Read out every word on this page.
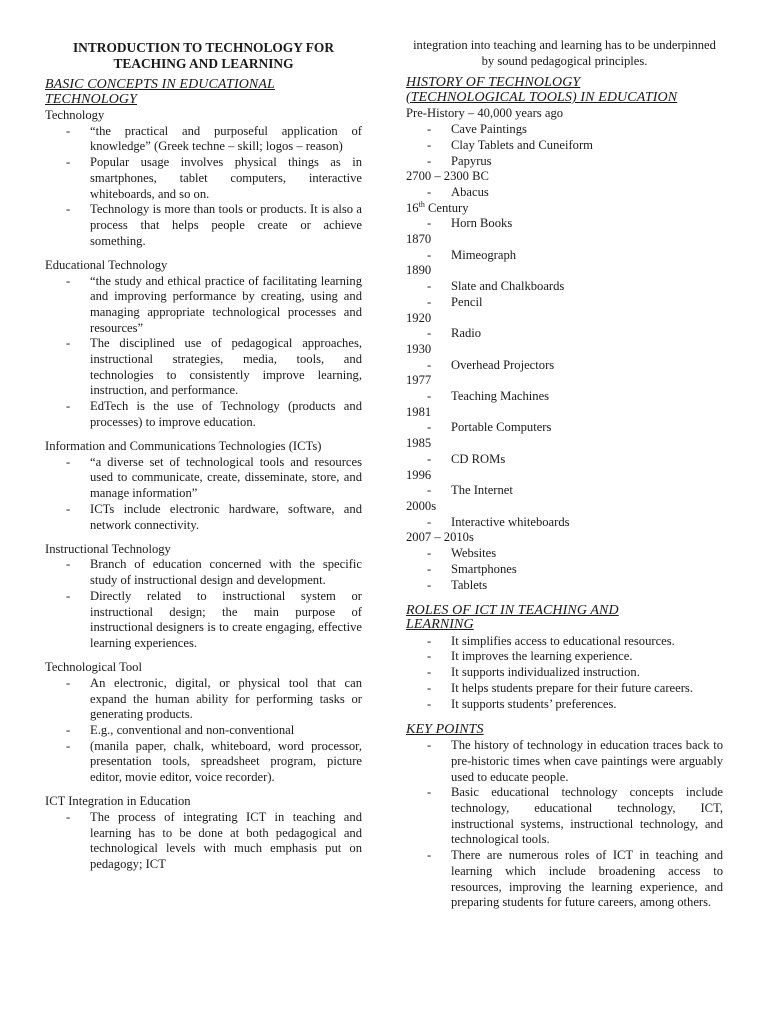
INTRODUCTION TO TECHNOLOGY FOR
TEACHING AND LEARNING
BASIC CONCEPTS IN EDUCATIONAL
TECHNOLOGY
Technology
- “the practical and purposeful application of knowledge” (Greek techne – skill; logos – reason)
- Popular usage involves physical things as in smartphones, tablet computers, interactive whiteboards, and so on.
- Technology is more than tools or products. It is also a process that helps people create or achieve something.
Educational Technology
- “the study and ethical practice of facilitating learning and improving performance by creating, using and managing appropriate technological processes and resources”
- The disciplined use of pedagogical approaches, instructional strategies, media, tools, and technologies to consistently improve learning, instruction, and performance.
- EdTech is the use of Technology (products and processes) to improve education.
Information and Communications Technologies (ICTs)
- “a diverse set of technological tools and resources used to communicate, create, disseminate, store, and manage information”
- ICTs include electronic hardware, software, and network connectivity.
Instructional Technology
- Branch of education concerned with the specific study of instructional design and development.
- Directly related to instructional system or instructional design; the main purpose of instructional designers is to create engaging, effective learning experiences.
Technological Tool
- An electronic, digital, or physical tool that can expand the human ability for performing tasks or generating products.
- E.g., conventional and non-conventional
- (manila paper, chalk, whiteboard, word processor, presentation tools, spreadsheet program, picture editor, movie editor, voice recorder).
ICT Integration in Education
- The process of integrating ICT in teaching and learning has to be done at both pedagogical and technological levels with much emphasis put on pedagogy; ICT
integration into teaching and learning has to be underpinned by sound pedagogical principles.
HISTORY OF TECHNOLOGY
(TECHNOLOGICAL TOOLS) IN EDUCATION
Pre-History – 40,000 years ago
- Cave Paintings
- Clay Tablets and Cuneiform
- Papyrus
2700 – 2300 BC
- Abacus
16th Century
- Horn Books
1870
- Mimeograph
1890
- Slate and Chalkboards
- Pencil
1920
- Radio
1930
- Overhead Projectors
1977
- Teaching Machines
1981
- Portable Computers
1985
- CD ROMs
1996
- The Internet
2000s
- Interactive whiteboards
2007 – 2010s
- Websites
- Smartphones
- Tablets
ROLES OF ICT IN TEACHING AND
LEARNING
- It simplifies access to educational resources.
- It improves the learning experience.
- It supports individualized instruction.
- It helps students prepare for their future careers.
- It supports students’ preferences.
KEY POINTS
- The history of technology in education traces back to pre-historic times when cave paintings were arguably used to educate people.
- Basic educational technology concepts include technology, educational technology, ICT, instructional systems, instructional technology, and technological tools.
- There are numerous roles of ICT in teaching and learning which include broadening access to resources, improving the learning experience, and preparing students for future careers, among others.
